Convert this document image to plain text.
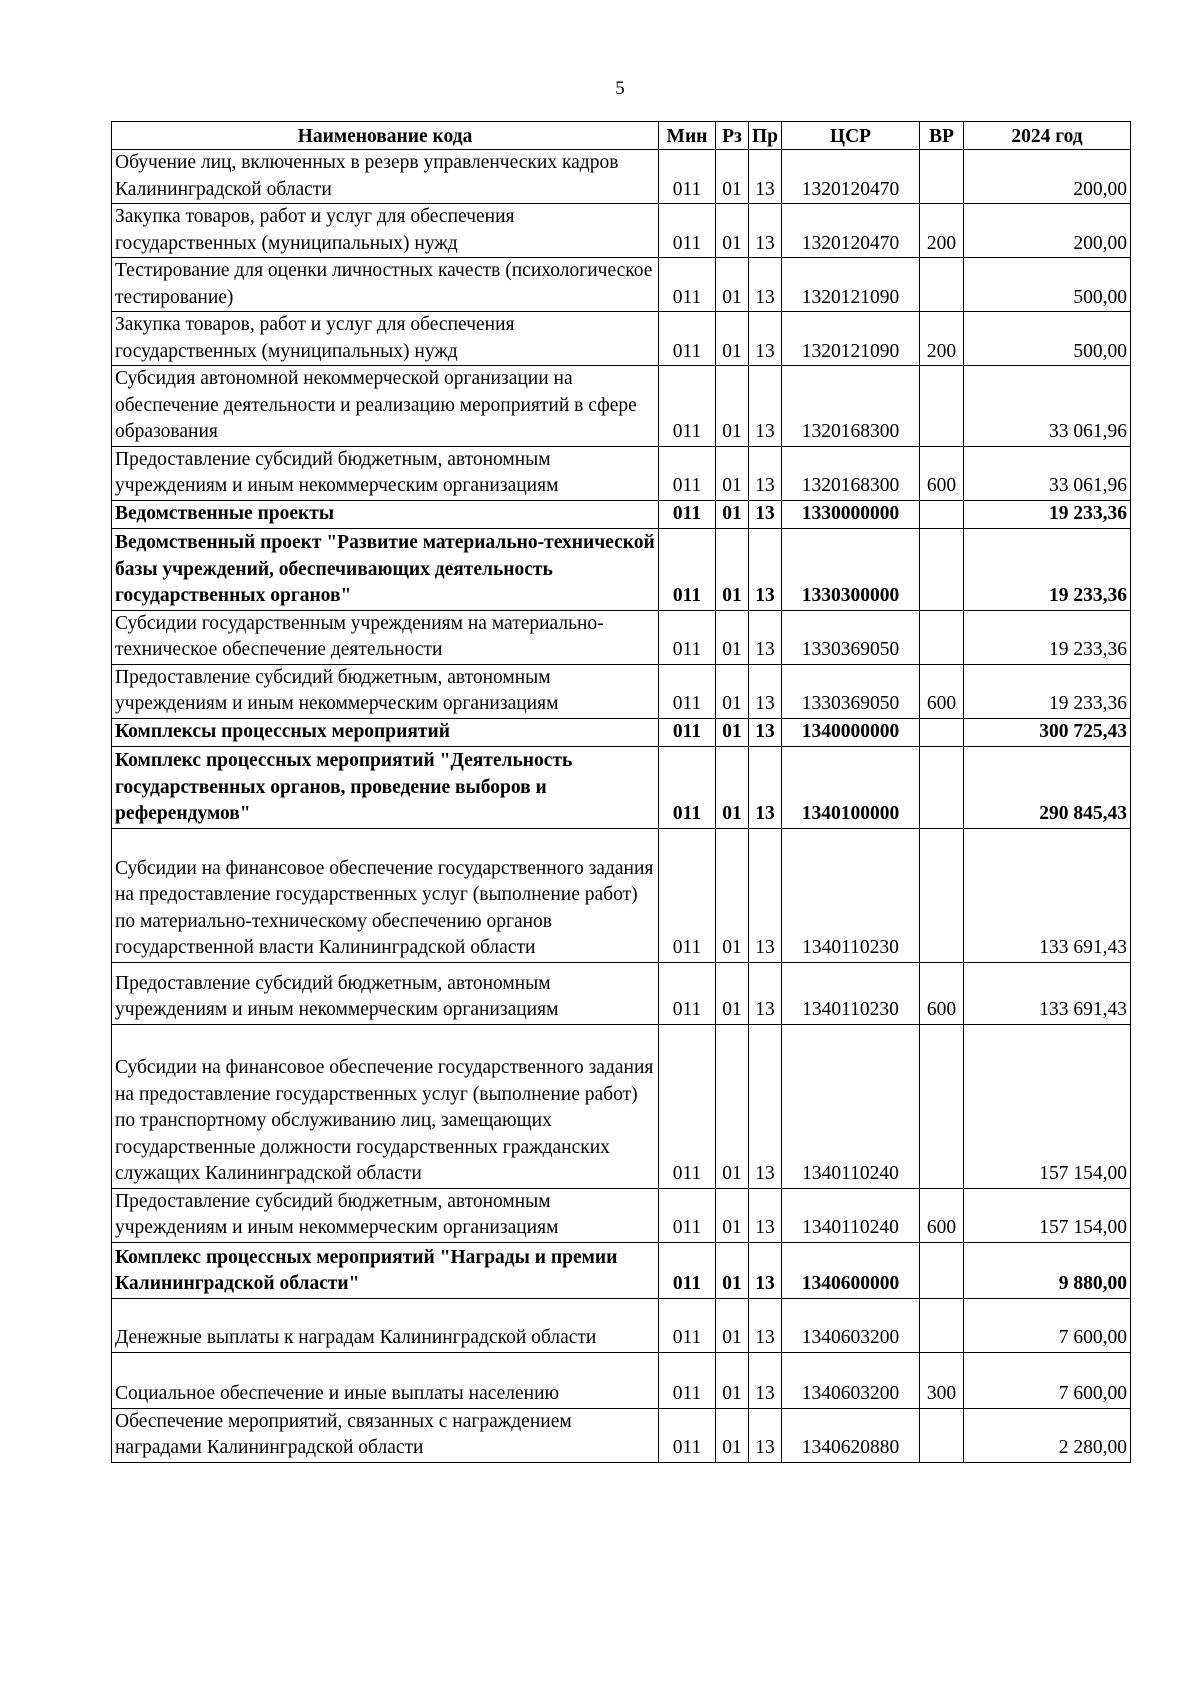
5
Наименование кода	Мин	Рз	Пр	ЦСР	ВР	2024 год
Обучение лиц, включенных в резерв управленческих кадров Калининградской области	011	01	13	1320120470		200,00
Закупка товаров, работ и услуг для обеспечения государственных (муниципальных) нужд	011	01	13	1320120470	200	200,00
Тестирование для оценки личностных качеств (психологическое тестирование)	011	01	13	1320121090		500,00
Закупка товаров, работ и услуг для обеспечения государственных (муниципальных) нужд	011	01	13	1320121090	200	500,00
Субсидия автономной некоммерческой организации на обеспечение деятельности и реализацию мероприятий в сфере образования	011	01	13	1320168300		33 061,96
Предоставление субсидий бюджетным, автономным учреждениям и иным некоммерческим организациям	011	01	13	1320168300	600	33 061,96
Ведомственные проекты	011	01	13	1330000000		19 233,36
Ведомственный проект "Развитие материально-технической базы учреждений, обеспечивающих деятельность государственных органов"	011	01	13	1330300000		19 233,36
Субсидии государственным учреждениям на материально-техническое обеспечение деятельности	011	01	13	1330369050		19 233,36
Предоставление субсидий бюджетным, автономным учреждениям и иным некоммерческим организациям	011	01	13	1330369050	600	19 233,36
Комплексы процессных мероприятий	011	01	13	1340000000		300 725,43
Комплекс процессных мероприятий "Деятельность государственных органов, проведение выборов и референдумов"	011	01	13	1340100000		290 845,43
Субсидии на финансовое обеспечение государственного задания на предоставление государственных услуг (выполнение работ) по материально-техническому обеспечению органов государственной власти Калининградской области	011	01	13	1340110230		133 691,43
Предоставление субсидий бюджетным, автономным учреждениям и иным некоммерческим организациям	011	01	13	1340110230	600	133 691,43
Субсидии на финансовое обеспечение государственного задания на предоставление государственных услуг (выполнение работ) по транспортному обслуживанию лиц, замещающих государственные должности государственных гражданских служащих Калининградской области	011	01	13	1340110240		157 154,00
Предоставление субсидий бюджетным, автономным учреждениям и иным некоммерческим организациям	011	01	13	1340110240	600	157 154,00
Комплекс процессных мероприятий "Награды и премии Калининградской области"	011	01	13	1340600000		9 880,00
Денежные выплаты к наградам Калининградской области	011	01	13	1340603200		7 600,00
Социальное обеспечение и иные выплаты населению	011	01	13	1340603200	300	7 600,00
Обеспечение мероприятий, связанных с награждением наградами Калининградской области	011	01	13	1340620880		2 280,00
